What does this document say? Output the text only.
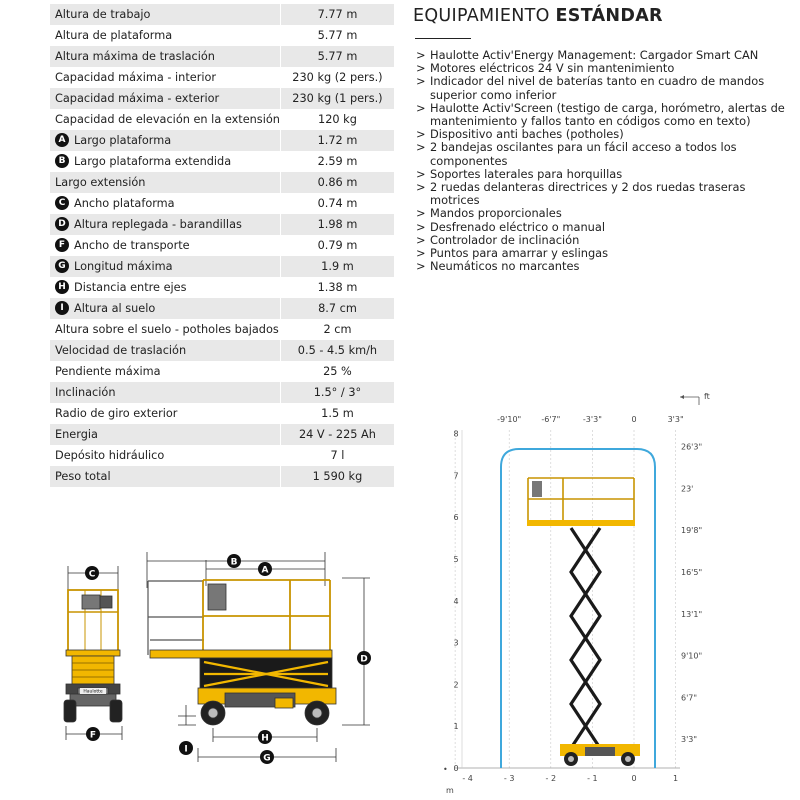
Altura de trabajo	7.77 m
Altura de plataforma	5.77 m
Altura máxima de traslación	5.77 m
Capacidad máxima - interior	230 kg (2 pers.)
Capacidad máxima - exterior	230 kg (1 pers.)
Capacidad de elevación en la extensión	120 kg
A Largo plataforma	1.72 m
B Largo plataforma extendida	2.59 m
Largo extensión	0.86 m
C Ancho plataforma	0.74 m
D Altura replegada - barandillas	1.98 m
F Ancho de transporte	0.79 m
G Longitud máxima	1.9 m
H Distancia entre ejes	1.38 m
I Altura al suelo	8.7 cm
Altura sobre el suelo - potholes bajados	2 cm
Velocidad de traslación	0.5 - 4.5 km/h
Pendiente máxima	25 %
Inclinación	1.5° / 3°
Radio de giro exterior	1.5 m
Energia	24 V - 225 Ah
Depósito hidráulico	7 l
Peso total	1 590 kg
EQUIPAMIENTO ESTÁNDAR
> Haulotte Activ'Energy Management: Cargador Smart CAN
> Motores eléctricos 24 V sin mantenimiento
> Indicador del nivel de baterías tanto en cuadro de mandos superior como inferior
> Haulotte Activ'Screen (testigo de carga, horómetro, alertas de mantenimiento y fallos tanto en códigos como en texto)
> Dispositivo anti baches (potholes)
> 2 bandejas oscilantes para un fácil acceso a todos los componentes
> Soportes laterales para horquillas
> 2 ruedas delanteras directrices y 2 dos ruedas traseras motrices
> Mandos proporcionales
> Desfrenado eléctrico o manual
> Controlador de inclinación
> Puntos para amarrar y eslingas
> Neumáticos no marcantes
C
F
B
A
D
H
G
I
Haulotte
ft
m
•
- 4	- 3	- 2	- 1	0	1
-9'10"	-6'7"	-3'3"	0	3'3"
0
1
2
3
4
5
6
7
8
3'3"
6'7"
9'10"
13'1"
16'5"
19'8"
23'
26'3"
